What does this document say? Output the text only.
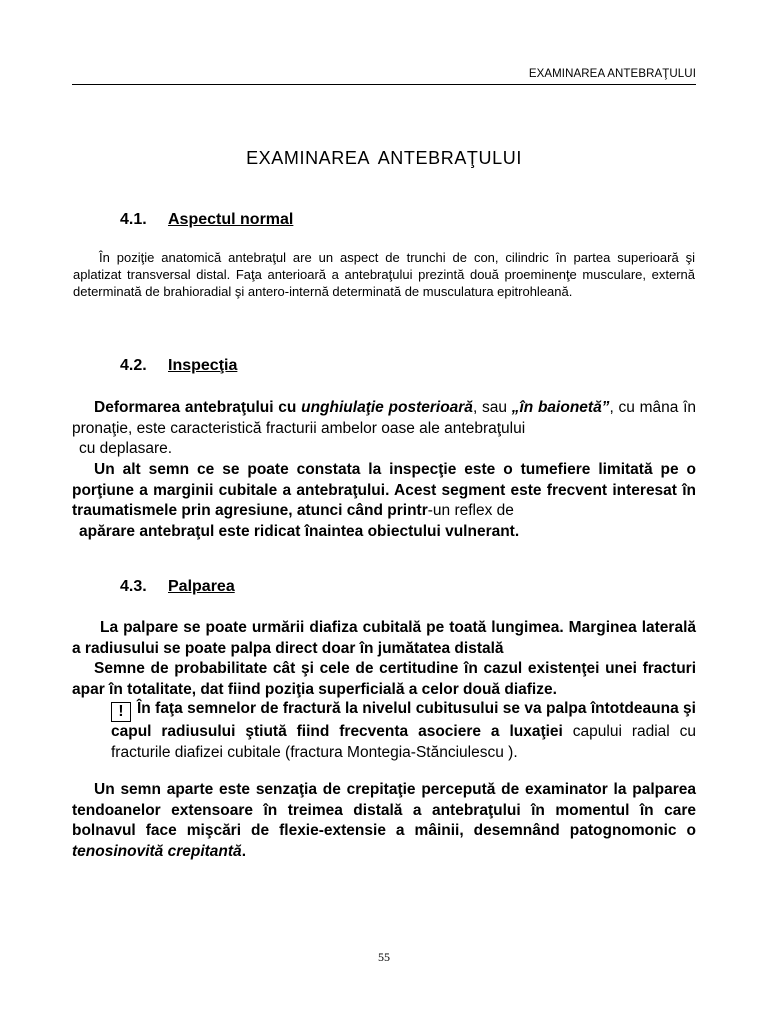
EXAMINAREA ANTEBRAŢULUI
EXAMINAREA ANTEBRAŢULUI
4.1. Aspectul normal

În poziţie anatomică antebraţul are un aspect de trunchi de con, cilindric în partea superioară şi aplatizat transversal distal. Faţa anterioară a antebraţului prezintă două proeminenţe musculare, externă determinată de brahioradial şi antero-internă determinată de musculatura epitrohleană.

4.2. Inspecţia
Deformarea antebraţului cu unghiulaţie posterioară, sau „în baionetă”, cu mâna în pronaţie, este caracteristică fracturii ambelor oase ale antebraţului
cu deplasare.
Un alt semn ce se poate constata la inspecţie este o tumefiere limitată pe o porţiune a marginii cubitale a antebraţului. Acest segment este frecvent interesat în traumatismele prin agresiune, atunci când printr-un reflex de
apărare antebraţul este ridicat înaintea obiectului vulnerant.
4.3. Palparea

La palpare se poate urmării diafiza cubitală pe toată lungimea. Marginea laterală a radiusului se poate palpa direct doar în jumătatea distală

Semne de probabilitate cât şi cele de certitudine în cazul existenţei unei fracturi apar în totalitate, dat fiind poziţia superficială a celor două diafize.
! În faţa semnelor de fractură la nivelul cubitusului se va palpa întotdeauna şi capul radiusului ştiută fiind frecventa asociere a luxaţiei capului radial cu fracturile diafizei cubitale (fractura Montegia-Stănciulescu ).
Un semn aparte este senzaţia de crepitaţie percepută de examinator la palparea tendoanelor extensoare în treimea distală a antebraţului în momentul în care bolnavul face mişcări de flexie-extensie a mâinii, desemnând patognomonic o tenosinovită crepitantă.
55
